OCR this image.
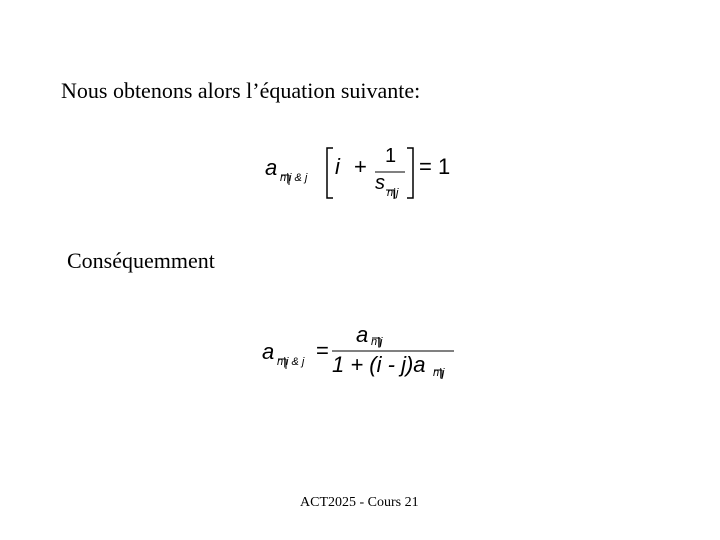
Nous obtenons alors l’équation suivante:
a n|i & j i + 1
s n|j
= 1
Conséquemment
a n|i & j =
a n|j
1 + (i - j)a n|j
ACT2025 - Cours 21
